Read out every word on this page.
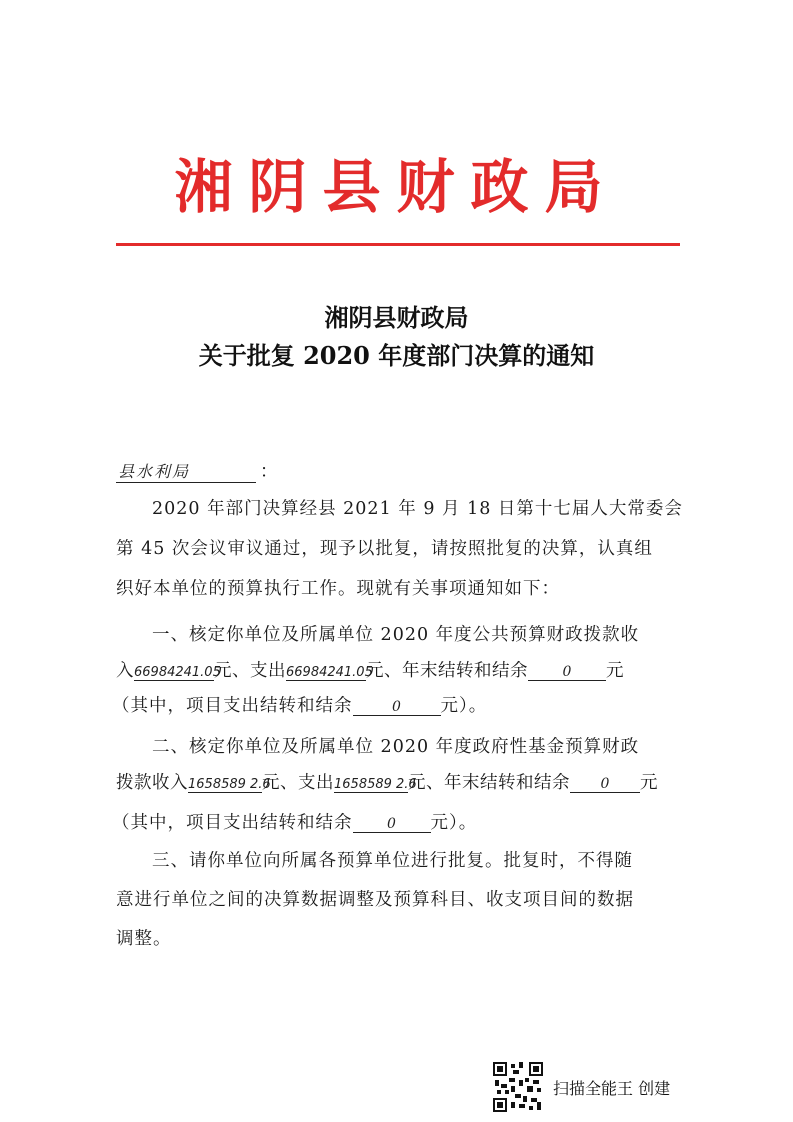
湘阴县财政局
湘阴县财政局
关于批复 2020 年度部门决算的通知
县水利局	：
2020 年部门决算经县 2021 年 9 月 18 日第十七届人大常委会
第 45 次会议审议通过，现予以批复，请按照批复的决算，认真组
织好本单位的预算执行工作。现就有关事项通知如下：
一、核定你单位及所属单位 2020 年度公共预算财政拨款收
入66984241.05元、支出66984241.05元、年末结转和结余 0 元
（其中，项目支出结转和结余	0 元）。
二、核定你单位及所属单位 2020 年度政府性基金预算财政
拨款收入1658589 2.6元、支出1658589 2.6元、年末结转和结余 0 元
（其中，项目支出结转和结余 0 元）。
三、请你单位向所属各预算单位进行批复。批复时，不得随
意进行单位之间的决算数据调整及预算科目、收支项目间的数据
调整。
扫描全能王 创建
